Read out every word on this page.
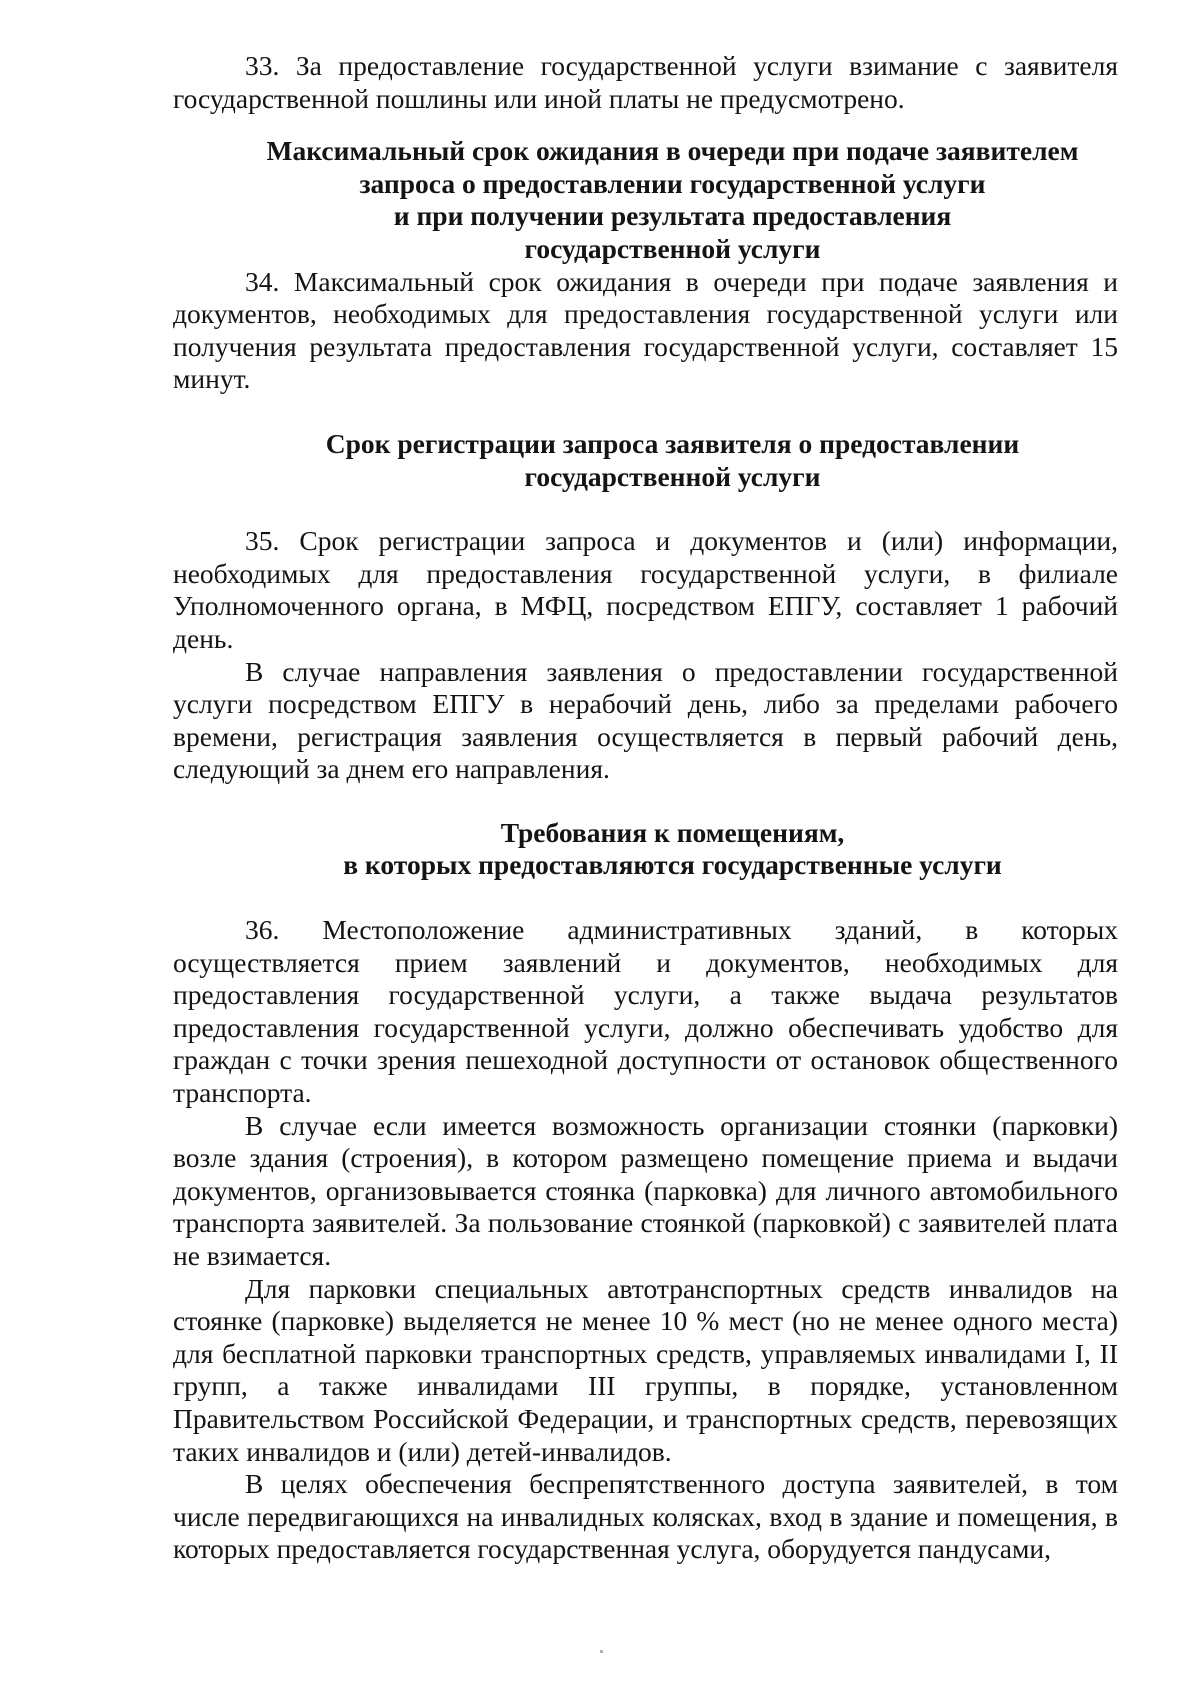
33. За предоставление государственной услуги взимание с заявителя государственной пошлины или иной платы не предусмотрено.

Максимальный срок ожидания в очереди при подаче заявителем
запроса о предоставлении государственной услуги
и при получении результата предоставления
государственной услуги

34. Максимальный срок ожидания в очереди при подаче заявления и документов, необходимых для предоставления государственной услуги или получения результата предоставления государственной услуги, составляет 15 минут.

Срок регистрации запроса заявителя о предоставлении
государственной услуги

35. Срок регистрации запроса и документов и (или) информации, необходимых для предоставления государственной услуги, в филиале Уполномоченного органа, в МФЦ, посредством ЕПГУ, составляет 1 рабочий день.

В случае направления заявления о предоставлении государственной услуги посредством ЕПГУ в нерабочий день, либо за пределами рабочего времени, регистрация заявления осуществляется в первый рабочий день, следующий за днем его направления.

Требования к помещениям,
в которых предоставляются государственные услуги

36. Местоположение административных зданий, в которых осуществляется прием заявлений и документов, необходимых для предоставления государственной услуги, а также выдача результатов предоставления государственной услуги, должно обеспечивать удобство для граждан с точки зрения пешеходной доступности от остановок общественного транспорта.

В случае если имеется возможность организации стоянки (парковки) возле здания (строения), в котором размещено помещение приема и выдачи документов, организовывается стоянка (парковка) для личного автомобильного транспорта заявителей. За пользование стоянкой (парковкой) с заявителей плата не взимается.

Для парковки специальных автотранспортных средств инвалидов на стоянке (парковке) выделяется не менее 10 % мест (но не менее одного места) для бесплатной парковки транспортных средств, управляемых инвалидами I, II групп, а также инвалидами III группы, в порядке, установленном Правительством Российской Федерации, и транспортных средств, перевозящих таких инвалидов и (или) детей-инвалидов.

В целях обеспечения беспрепятственного доступа заявителей, в том числе передвигающихся на инвалидных колясках, вход в здание и помещения, в которых предоставляется государственная услуга, оборудуется пандусами,
